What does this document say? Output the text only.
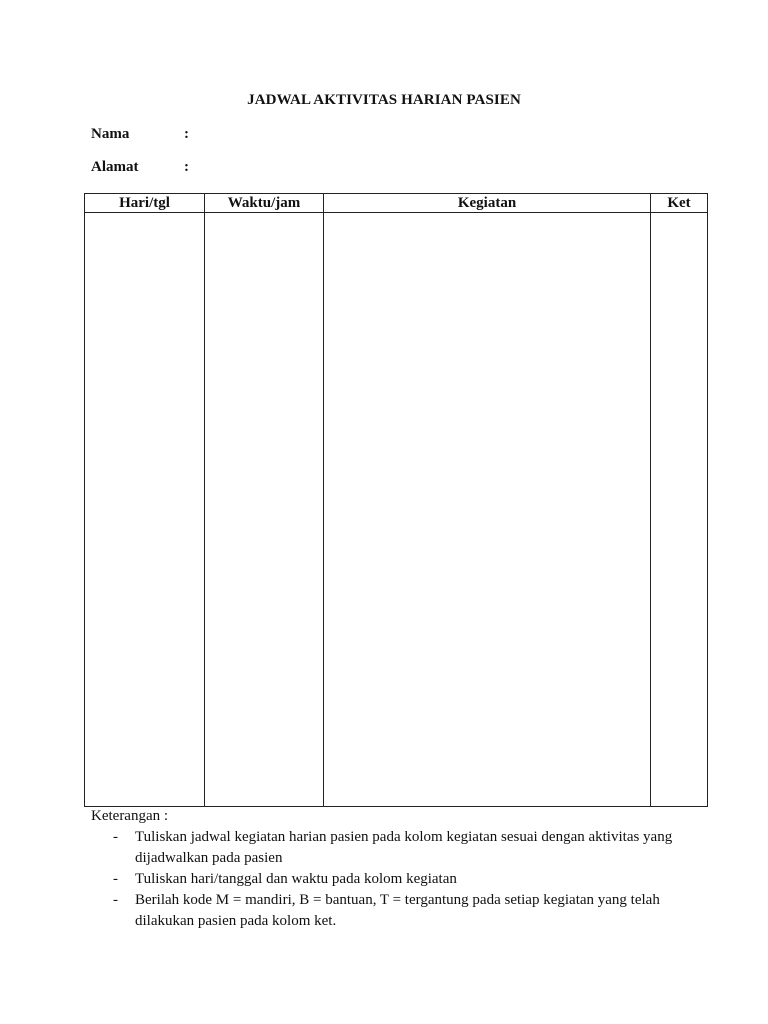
JADWAL AKTIVITAS HARIAN PASIEN
Nama	:
Alamat	:
Hari/tgl	Waktu/jam	Kegiatan	Ket

Keterangan :
- Tuliskan jadwal kegiatan harian pasien pada kolom kegiatan sesuai dengan aktivitas yang dijadwalkan pada pasien
- Tuliskan hari/tanggal dan waktu pada kolom kegiatan
- Berilah kode M = mandiri, B = bantuan, T = tergantung pada setiap kegiatan yang telah dilakukan pasien pada kolom ket.
